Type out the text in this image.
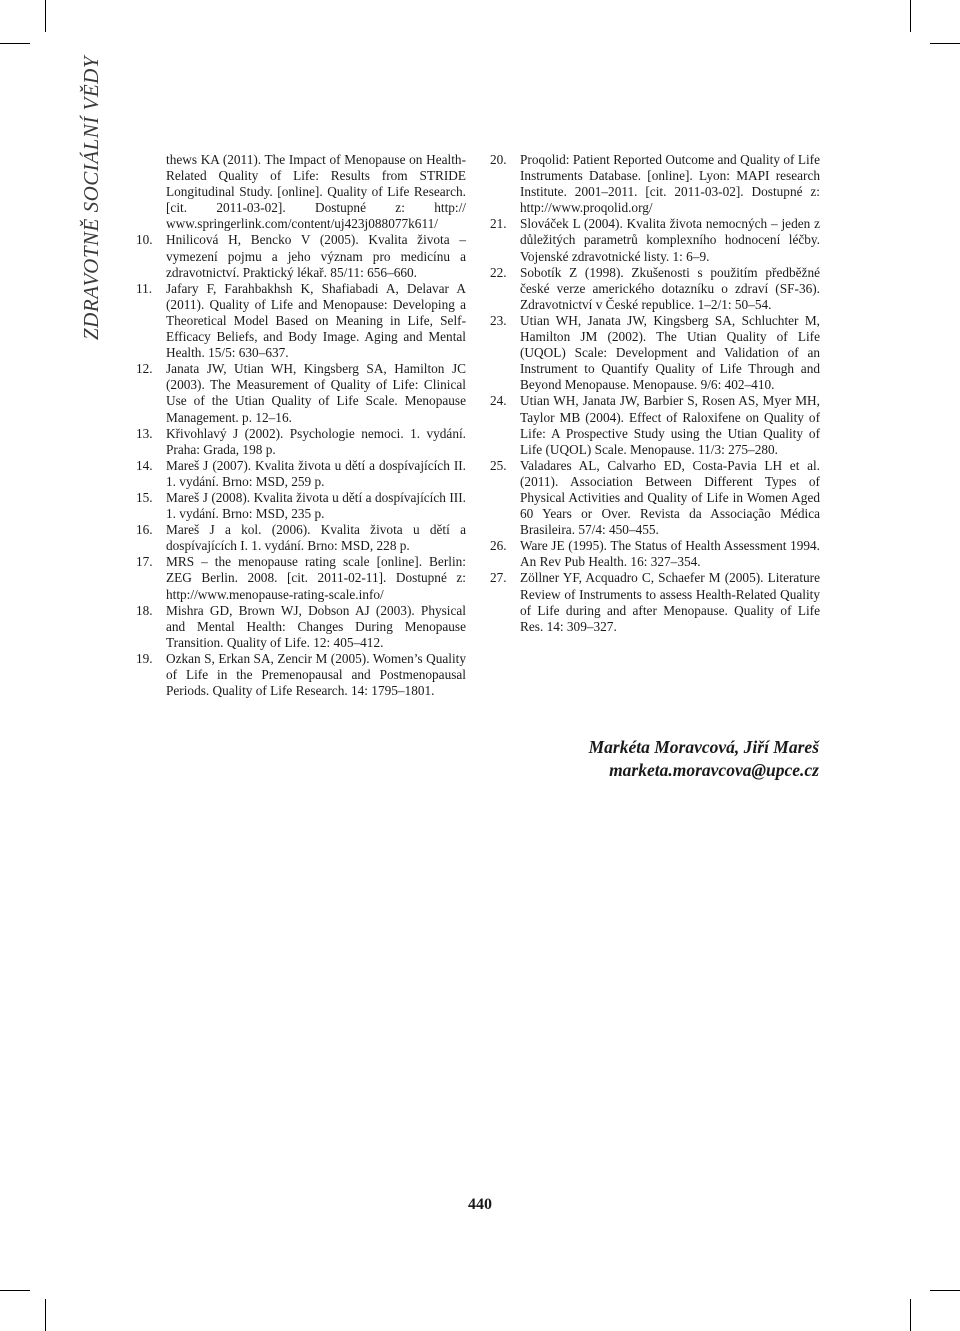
ZDRAVOTNĚ SOCIÁLNÍ VĚDY	thews KA (2011). The Impact of Menopause on Health-Related Quality of Life: Results from STRIDE Longitudinal Study. [online]. Quality of Life Research. [cit. 2011-03-02]. Dostupné z: http:// www.springerlink.com/content/uj423j088077k611/
10.	Hnilicová H, Bencko V (2005). Kvalita života – vymezení pojmu a jeho význam pro medicínu a zdravotnictví. Praktický lékař. 85/11: 656–660.
11.	Jafary F, Farahbakhsh K, Shafiabadi A, Delavar A (2011). Quality of Life and Menopause: Developing a Theoretical Model Based on Meaning in Life, Self-Efficacy Beliefs, and Body Image. Aging and Mental Health. 15/5: 630–637.
12.	Janata JW, Utian WH, Kingsberg SA, Hamilton JC (2003). The Measurement of Quality of Life: Clinical Use of the Utian Quality of Life Scale. Menopause Management. p. 12–16.
13.	Křivohlavý J (2002). Psychologie nemoci. 1. vydání. Praha: Grada, 198 p.
14.	Mareš J (2007). Kvalita života u dětí a dospívajících II. 1. vydání. Brno: MSD, 259 p.
15.	Mareš J (2008). Kvalita života u dětí a dospívajících III. 1. vydání. Brno: MSD, 235 p.
16.	Mareš J a kol. (2006). Kvalita života u dětí a dospívajících I. 1. vydání. Brno: MSD, 228 p.
17.	MRS – the menopause rating scale [online]. Berlin: ZEG Berlin. 2008. [cit. 2011-02-11]. Dostupné z: http://www.menopause-rating-scale.info/
18.	Mishra GD, Brown WJ, Dobson AJ (2003). Physical and Mental Health: Changes During Menopause Transition. Quality of Life. 12: 405–412.
19.	Ozkan S, Erkan SA, Zencir M (2005). Women’s Quality of Life in the Premenopausal and Postmenopausal Periods. Quality of Life Research. 14: 1795–1801.
20.	Proqolid: Patient Reported Outcome and Quality of Life Instruments Database. [online]. Lyon: MAPI research Institute. 2001–2011. [cit. 2011-03-02]. Dostupné z: http://www.proqolid.org/
21.	Slováček L (2004). Kvalita života nemocných – jeden z důležitých parametrů komplexního hodnocení léčby. Vojenské zdravotnické listy. 1: 6–9.
22.	Sobotík Z (1998). Zkušenosti s použitím předběžné české verze amerického dotazníku o zdraví (SF-36). Zdravotnictví v České republice. 1–2/1: 50–54.
23.	Utian WH, Janata JW, Kingsberg SA, Schluchter M, Hamilton JM (2002). The Utian Quality of Life (UQOL) Scale: Development and Validation of an Instrument to Quantify Quality of Life Through and Beyond Menopause. Menopause. 9/6: 402–410.
24.	Utian WH, Janata JW, Barbier S, Rosen AS, Myer MH, Taylor MB (2004). Effect of Raloxifene on Quality of Life: A Prospective Study using the Utian Quality of Life (UQOL) Scale. Menopause. 11/3: 275–280.
25.	Valadares AL, Calvarho ED, Costa-Pavia LH et al. (2011). Association Between Different Types of Physical Activities and Quality of Life in Women Aged 60 Years or Over. Revista da Associação Médica Brasileira. 57/4: 450–455.
26.	Ware JE (1995). The Status of Health Assessment 1994. An Rev Pub Health. 16: 327–354.
27.	Zöllner YF, Acquadro C, Schaefer M (2005). Literature Review of Instruments to assess Health-Related Quality of Life during and after Menopause. Quality of Life Res. 14: 309–327.
Markéta Moravcová, Jiří Mareš
marketa.moravcova@upce.cz
440
